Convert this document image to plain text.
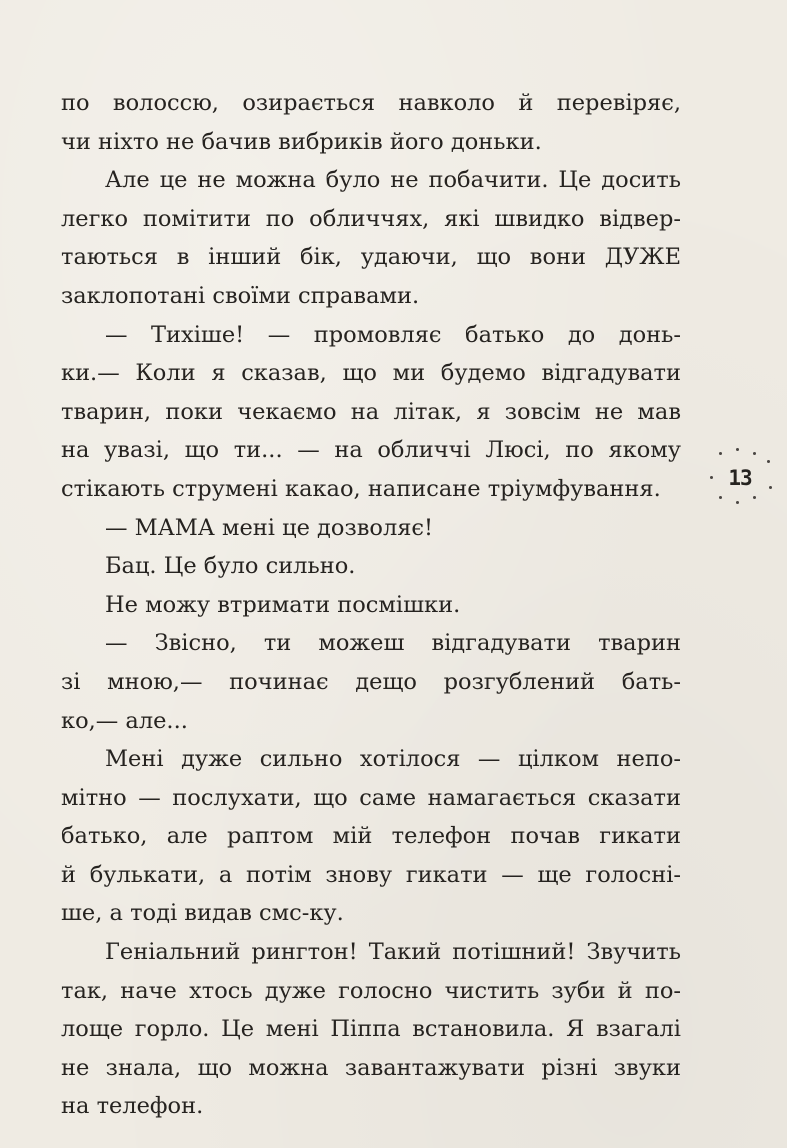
по волоссю, озирається навколо й перевіряє,
чи ніхто не бачив вибриків його доньки.
Але це не можна було не побачити. Це досить
легко помітити по обличчях, які швидко відвер-
таються в інший бік, удаючи, що вони ДУЖЕ
заклопотані своїми справами.
— Тихіше! — промовляє батько до донь-
ки.— Коли я сказав, що ми будемо відгадувати
тварин, поки чекаємо на літак, я зовсім не мав
на увазі, що ти... — на обличчі Люсі, по якому
стікають струмені какао, написане тріумфування.
— МАМА мені це дозволяє!
Бац. Це було сильно.
Не можу втримати посмішки.
— Звісно, ти можеш відгадувати тварин
зі мною,— починає дещо розгублений бать-
ко,— але...
Мені дуже сильно хотілося — цілком непо-
мітно — послухати, що саме намагається сказати
батько, але раптом мій телефон почав гикати
й булькати, а потім знову гикати — ще голосні-
ше, а тоді видав смс-ку.
Геніальний рингтон! Такий потішний! Звучить
так, наче хтось дуже голосно чистить зуби й по-
лоще горло. Це мені Піппа встановила. Я взагалі
не знала, що можна завантажувати різні звуки
на телефон.
13
